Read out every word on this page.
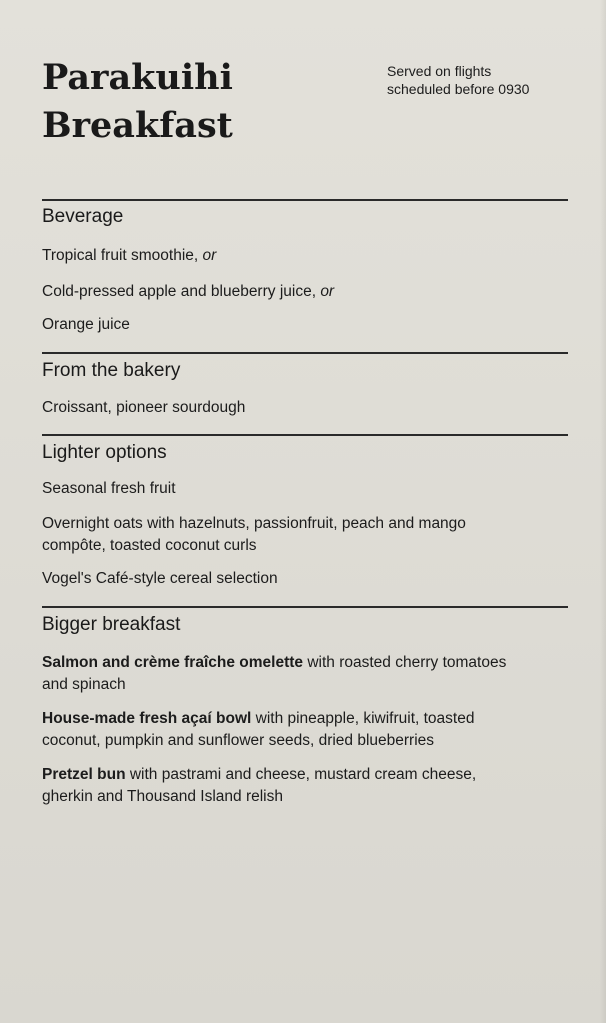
Parakuihi
Breakfast
Served on flights
scheduled before 0930
Beverage

Tropical fruit smoothie, or

Cold-pressed apple and blueberry juice, or

Orange juice

From the bakery

Croissant, pioneer sourdough

Lighter options

Seasonal fresh fruit

Overnight oats with hazelnuts, passionfruit, peach and mango
compôte, toasted coconut curls

Vogel's Café-style cereal selection

Bigger breakfast

Salmon and crème fraîche omelette with roasted cherry tomatoes
and spinach

House-made fresh açaí bowl with pineapple, kiwifruit, toasted
coconut, pumpkin and sunflower seeds, dried blueberries

Pretzel bun with pastrami and cheese, mustard cream cheese,
gherkin and Thousand Island relish
